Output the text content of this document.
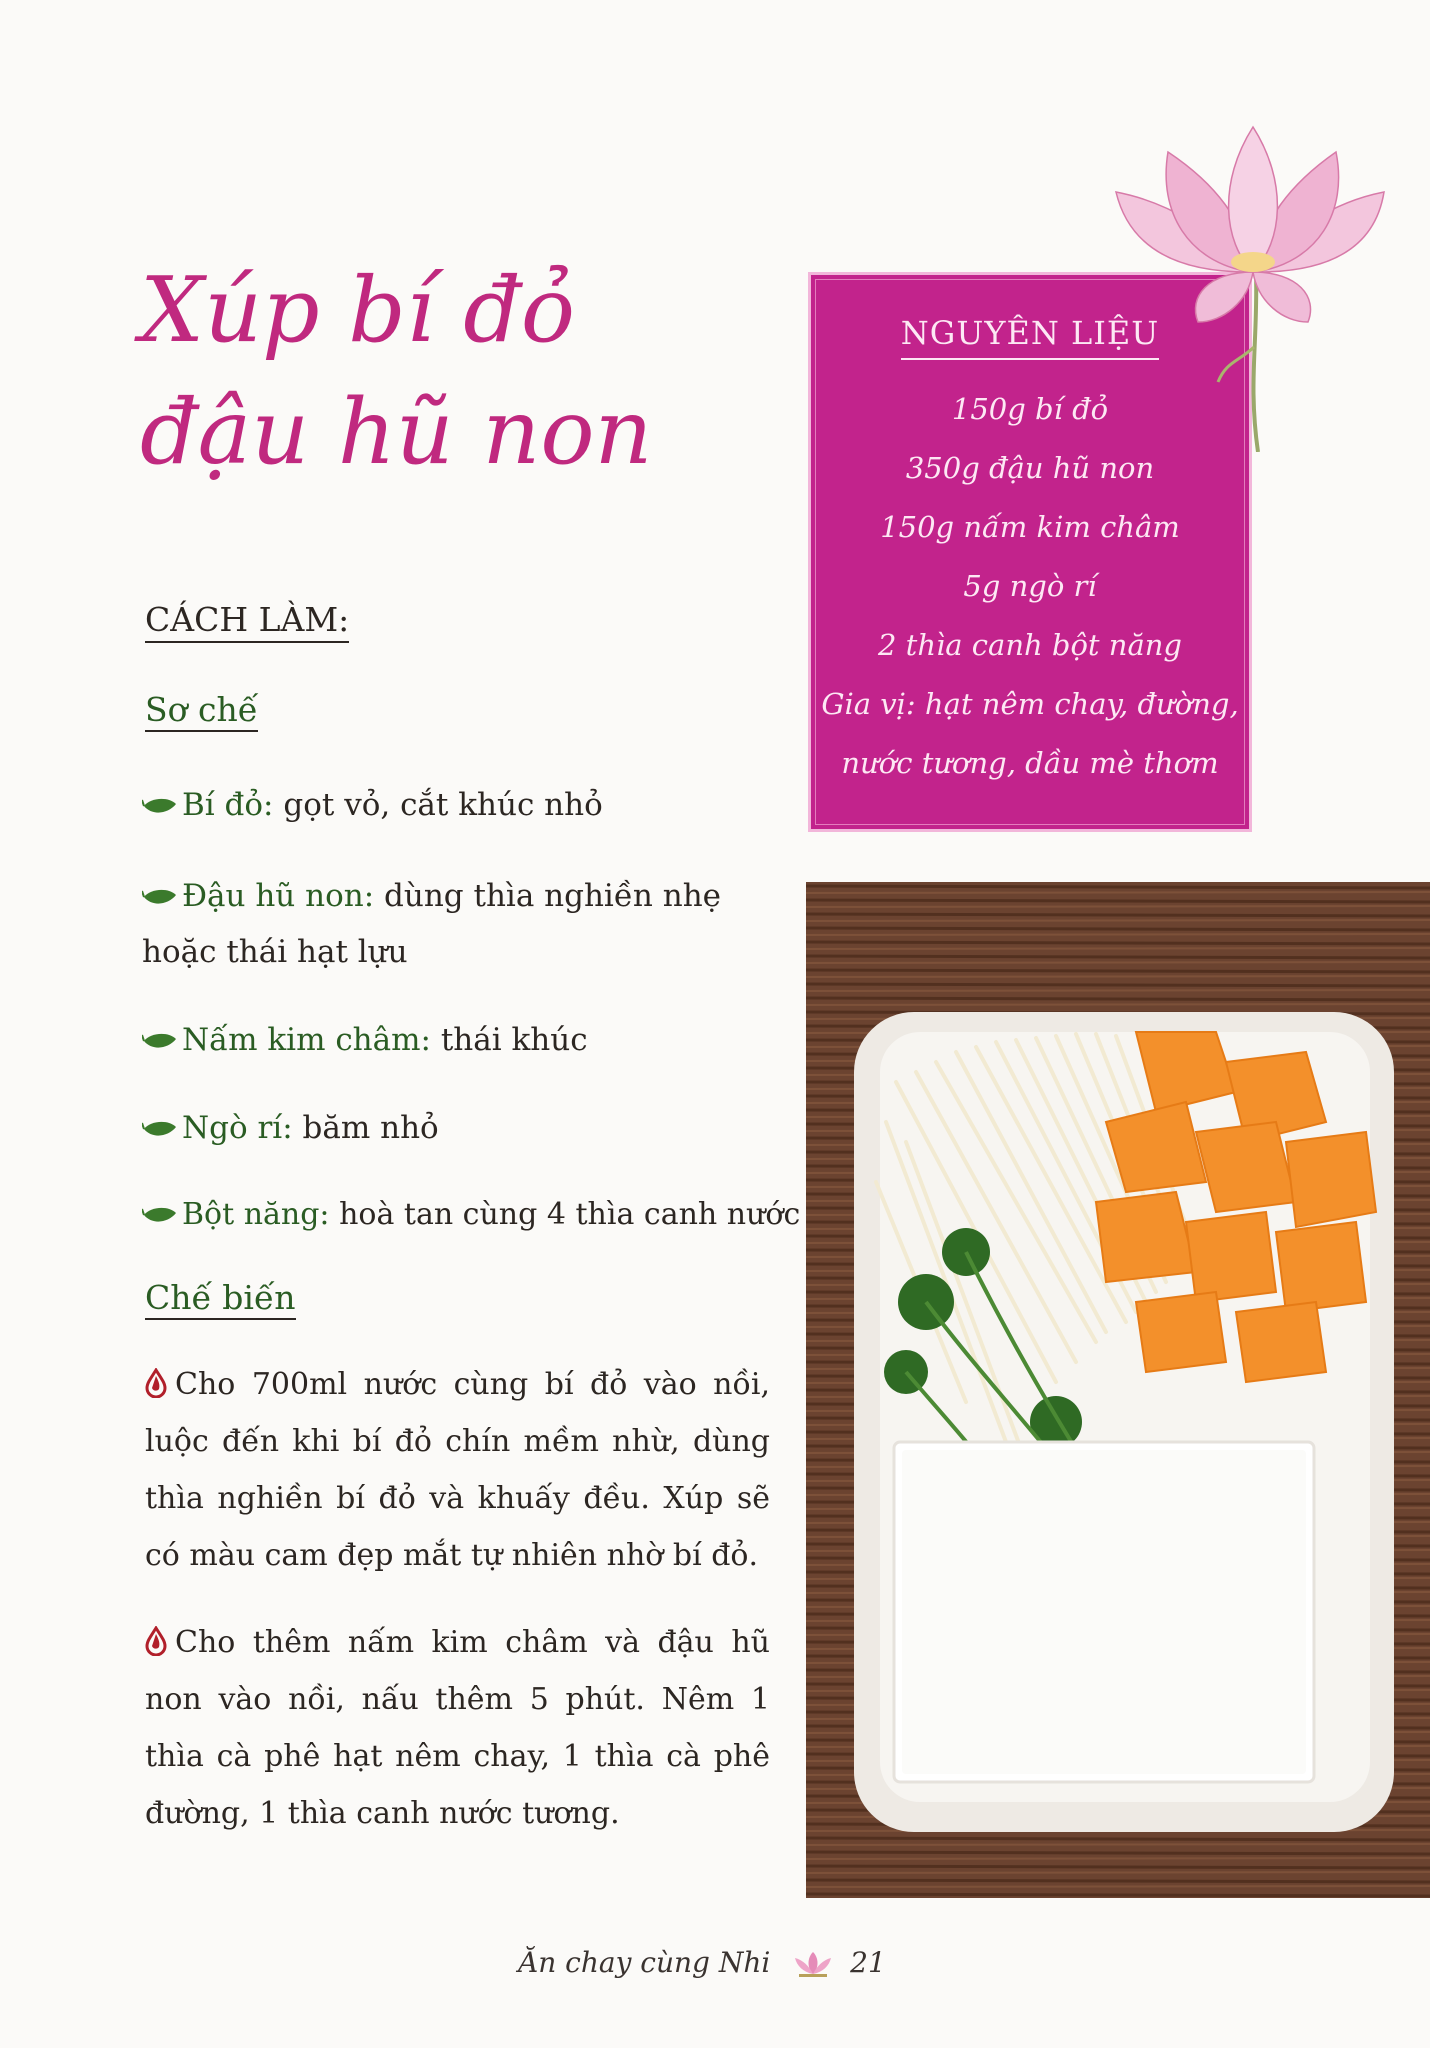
Xúp bí đỏ
đậu hũ non
NGUYÊN LIỆU
150g bí đỏ
350g đậu hũ non
150g nấm kim châm
5g ngò rí
2 thìa canh bột năng
Gia vị: hạt nêm chay, đường,
nước tương, dầu mè thơm
CÁCH LÀM:
Sơ chế
Bí đỏ: gọt vỏ, cắt khúc nhỏ
Đậu hũ non: dùng thìa nghiền nhẹ hoặc thái hạt lựu
Nấm kim châm: thái khúc
Ngò rí: băm nhỏ
Bột năng: hoà tan cùng 4 thìa canh nước
Chế biến
Cho 700ml nước cùng bí đỏ vào nồi, luộc đến khi bí đỏ chín mềm nhừ, dùng thìa nghiền bí đỏ và khuấy đều. Xúp sẽ có màu cam đẹp mắt tự nhiên nhờ bí đỏ.
Cho thêm nấm kim châm và đậu hũ non vào nồi, nấu thêm 5 phút. Nêm 1 thìa cà phê hạt nêm chay, 1 thìa cà phê đường, 1 thìa canh nước tương.
Ăn chay cùng Nhi	21
